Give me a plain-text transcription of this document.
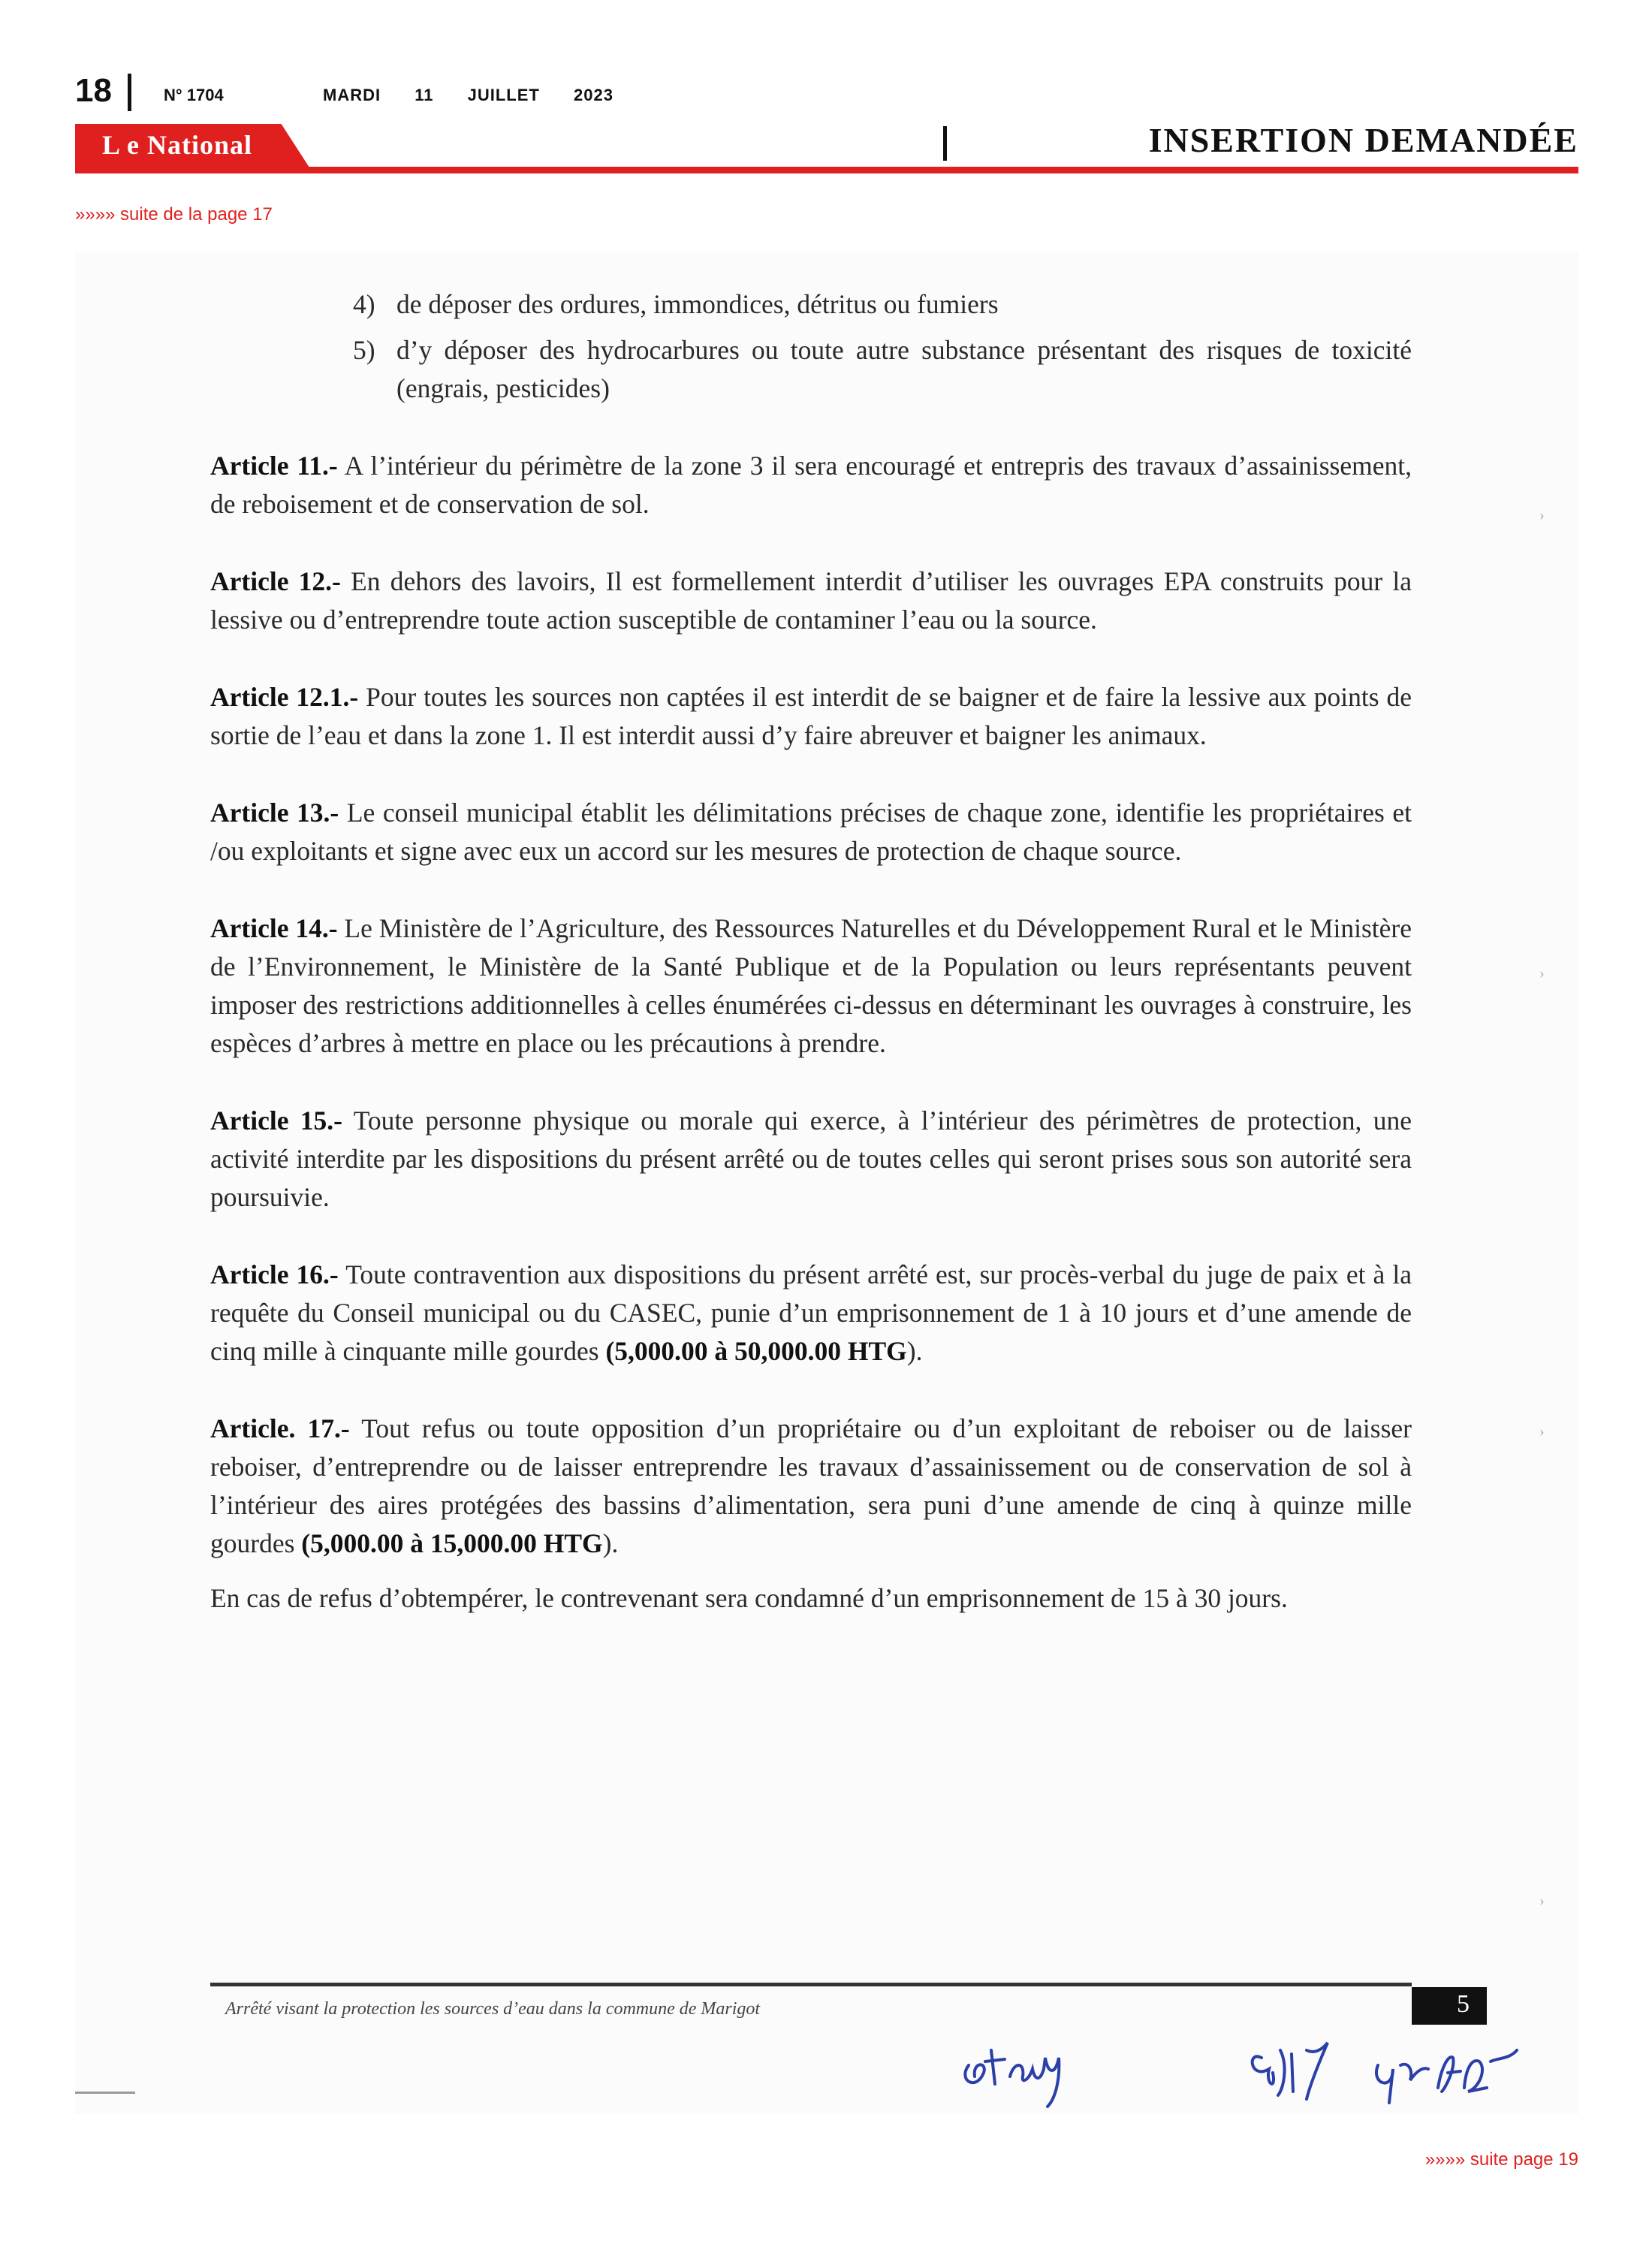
18	N° 1704	MARDI 11 JUILLET 2023
L e National	INSERTION DEMANDÉE
»»»» suite de la page 17
4) de déposer des ordures, immondices, détritus ou fumiers
5) d’y déposer des hydrocarbures ou toute autre substance présentant des risques de toxicité (engrais, pesticides)

Article 11.- A l’intérieur du périmètre de la zone 3 il sera encouragé et entrepris des travaux d’assainissement, de reboisement et de conservation de sol.

Article 12.- En dehors des lavoirs, Il est formellement interdit d’utiliser les ouvrages EPA construits pour la lessive ou d’entreprendre toute action susceptible de contaminer l’eau ou la source.

Article 12.1.- Pour toutes les sources non captées il est interdit de se baigner et de faire la lessive aux points de sortie de l’eau et dans la zone 1. Il est interdit aussi d’y faire abreuver et baigner les animaux.

Article 13.- Le conseil municipal établit les délimitations précises de chaque zone, identifie les propriétaires et /ou exploitants et signe avec eux un accord sur les mesures de protection de chaque source.

Article 14.- Le Ministère de l’Agriculture, des Ressources Naturelles et du Développement Rural et le Ministère de l’Environnement, le Ministère de la Santé Publique et de la Population ou leurs représentants peuvent imposer des restrictions additionnelles à celles énumérées ci-dessus en déterminant les ouvrages à construire, les espèces d’arbres à mettre en place ou les précautions à prendre.

Article 15.- Toute personne physique ou morale qui exerce, à l’intérieur des périmètres de protection, une activité interdite par les dispositions du présent arrêté ou de toutes celles qui seront prises sous son autorité sera poursuivie.

Article 16.- Toute contravention aux dispositions du présent arrêté est, sur procès-verbal du juge de paix et à la requête du Conseil municipal ou du CASEC, punie d’un emprisonnement de 1 à 10 jours et d’une amende de cinq mille à cinquante mille gourdes (5,000.00 à 50,000.00 HTG).

Article. 17.- Tout refus ou toute opposition d’un propriétaire ou d’un exploitant de reboiser ou de laisser reboiser, d’entreprendre ou de laisser entreprendre les travaux d’assainissement ou de conservation de sol à l’intérieur des aires protégées des bassins d’alimentation, sera puni d’une amende de cinq à quinze mille gourdes (5,000.00 à 15,000.00 HTG).

En cas de refus d’obtempérer, le contrevenant sera condamné d’un emprisonnement de 15 à 30 jours.

›
›
›
›
Arrêté visant la protection les sources d’eau dans la commune de Marigot	5
»»»» suite page 19
